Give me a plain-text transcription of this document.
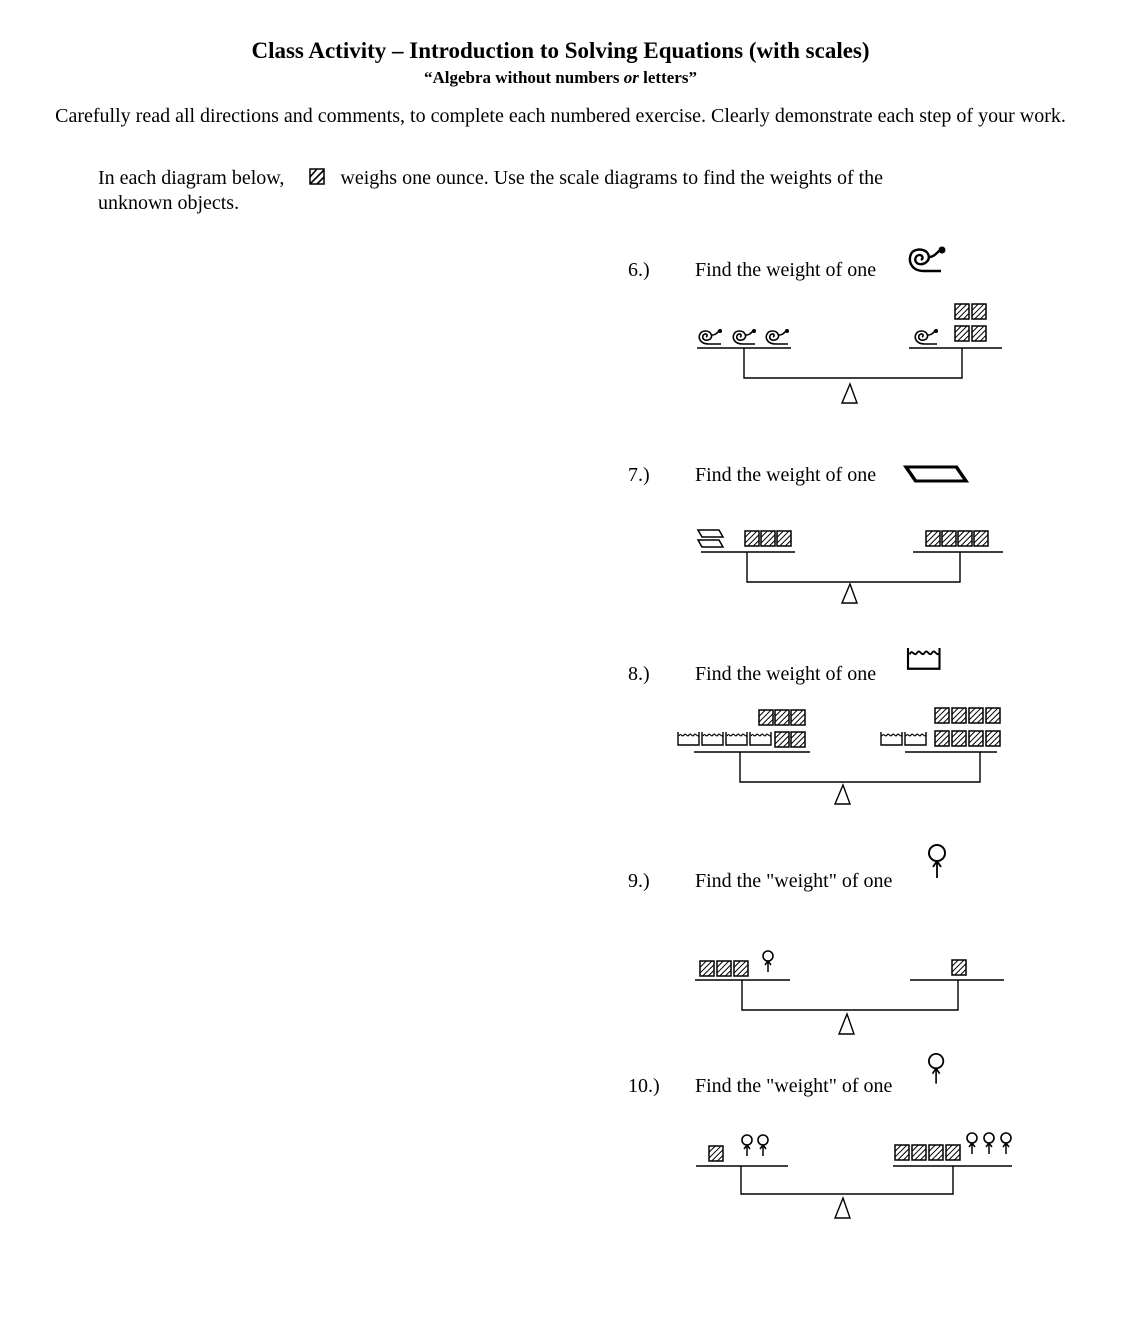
Class Activity – Introduction to Solving Equations (with scales)
“Algebra without numbers or letters”
Carefully read all directions and comments, to complete each numbered exercise. Clearly demonstrate each step of your work.
In each diagram below,	weighs one ounce. Use the scale diagrams to find the weights of the
unknown objects.
6.) Find the weight of one
7.) Find the weight of one
8.) Find the weight of one
9.) Find the "weight" of one
10.) Find the "weight" of one
